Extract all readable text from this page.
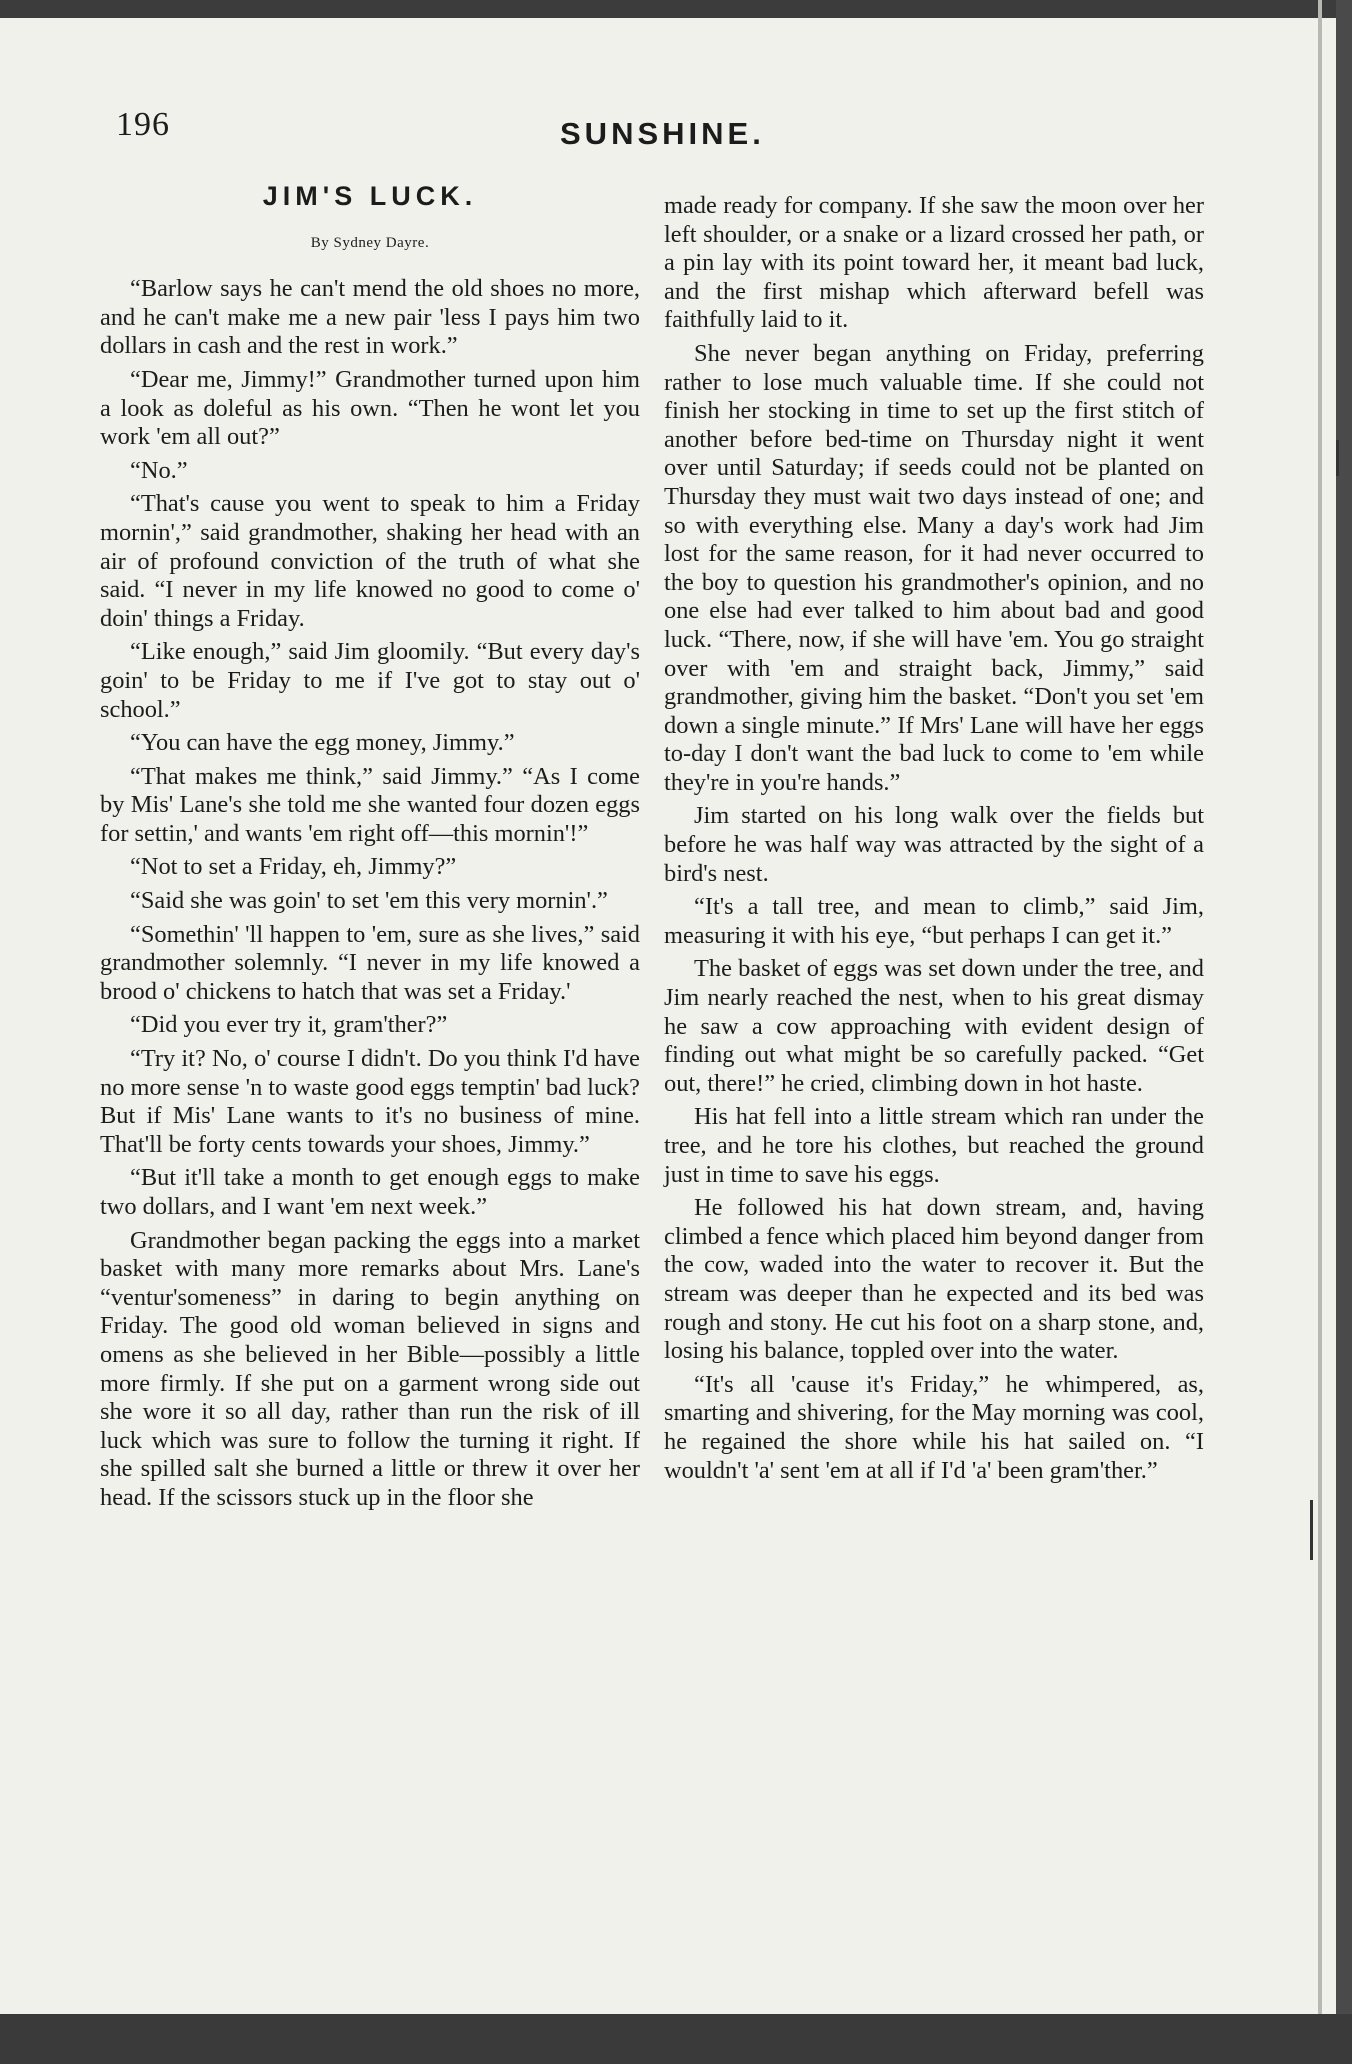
196	SUNSHINE.
JIM'S LUCK.
By Sydney Dayre.

“Barlow says he can't mend the old shoes no more, and he can't make me a new pair 'less I pays him two dollars in cash and the rest in work.”

“Dear me, Jimmy!” Grandmother turned upon him a look as doleful as his own. “Then he wont let you work 'em all out?”

“No.”

“That's cause you went to speak to him a Friday mornin',” said grandmother, shaking her head with an air of profound conviction of the truth of what she said. “I never in my life knowed no good to come o' doin' things a Friday.

“Like enough,” said Jim gloomily. “But every day's goin' to be Friday to me if I've got to stay out o' school.”

“You can have the egg money, Jimmy.”

“That makes me think,” said Jimmy.” “As I come by Mis' Lane's she told me she wanted four dozen eggs for settin,' and wants 'em right off—this mornin'!”

“Not to set a Friday, eh, Jimmy?”

“Said she was goin' to set 'em this very mornin'.”

“Somethin' 'll happen to 'em, sure as she lives,” said grandmother solemnly. “I never in my life knowed a brood o' chickens to hatch that was set a Friday.'

“Did you ever try it, gram'ther?”

“Try it? No, o' course I didn't. Do you think I'd have no more sense 'n to waste good eggs temptin' bad luck? But if Mis' Lane wants to it's no business of mine. That'll be forty cents towards your shoes, Jimmy.”

“But it'll take a month to get enough eggs to make two dollars, and I want 'em next week.”

Grandmother began packing the eggs into a market basket with many more remarks about Mrs. Lane's “ventur'someness” in daring to begin anything on Friday. The good old woman believed in signs and omens as she believed in her Bible—possibly a little more firmly. If she put on a garment wrong side out she wore it so all day, rather than run the risk of ill luck which was sure to follow the turning it right. If she spilled salt she burned a little or threw it over her head. If the scissors stuck up in the floor she

made ready for company. If she saw the moon over her left shoulder, or a snake or a lizard crossed her path, or a pin lay with its point toward her, it meant bad luck, and the first mishap which afterward befell was faithfully laid to it.

She never began anything on Friday, preferring rather to lose much valuable time. If she could not finish her stocking in time to set up the first stitch of another before bed-time on Thursday night it went over until Saturday; if seeds could not be planted on Thursday they must wait two days instead of one; and so with everything else. Many a day's work had Jim lost for the same reason, for it had never occurred to the boy to question his grandmother's opinion, and no one else had ever talked to him about bad and good luck. “There, now, if she will have 'em. You go straight over with 'em and straight back, Jimmy,” said grandmother, giving him the basket. “Don't you set 'em down a single minute.” If Mrs' Lane will have her eggs to-day I don't want the bad luck to come to 'em while they're in you're hands.”

Jim started on his long walk over the fields but before he was half way was attracted by the sight of a bird's nest.

“It's a tall tree, and mean to climb,” said Jim, measuring it with his eye, “but perhaps I can get it.”

The basket of eggs was set down under the tree, and Jim nearly reached the nest, when to his great dismay he saw a cow approaching with evident design of finding out what might be so carefully packed. “Get out, there!” he cried, climbing down in hot haste.

His hat fell into a little stream which ran under the tree, and he tore his clothes, but reached the ground just in time to save his eggs.

He followed his hat down stream, and, having climbed a fence which placed him beyond danger from the cow, waded into the water to recover it. But the stream was deeper than he expected and its bed was rough and stony. He cut his foot on a sharp stone, and, losing his balance, toppled over into the water.

“It's all 'cause it's Friday,” he whimpered, as, smarting and shivering, for the May morning was cool, he regained the shore while his hat sailed on. “I wouldn't 'a' sent 'em at all if I'd 'a' been gram'ther.”
